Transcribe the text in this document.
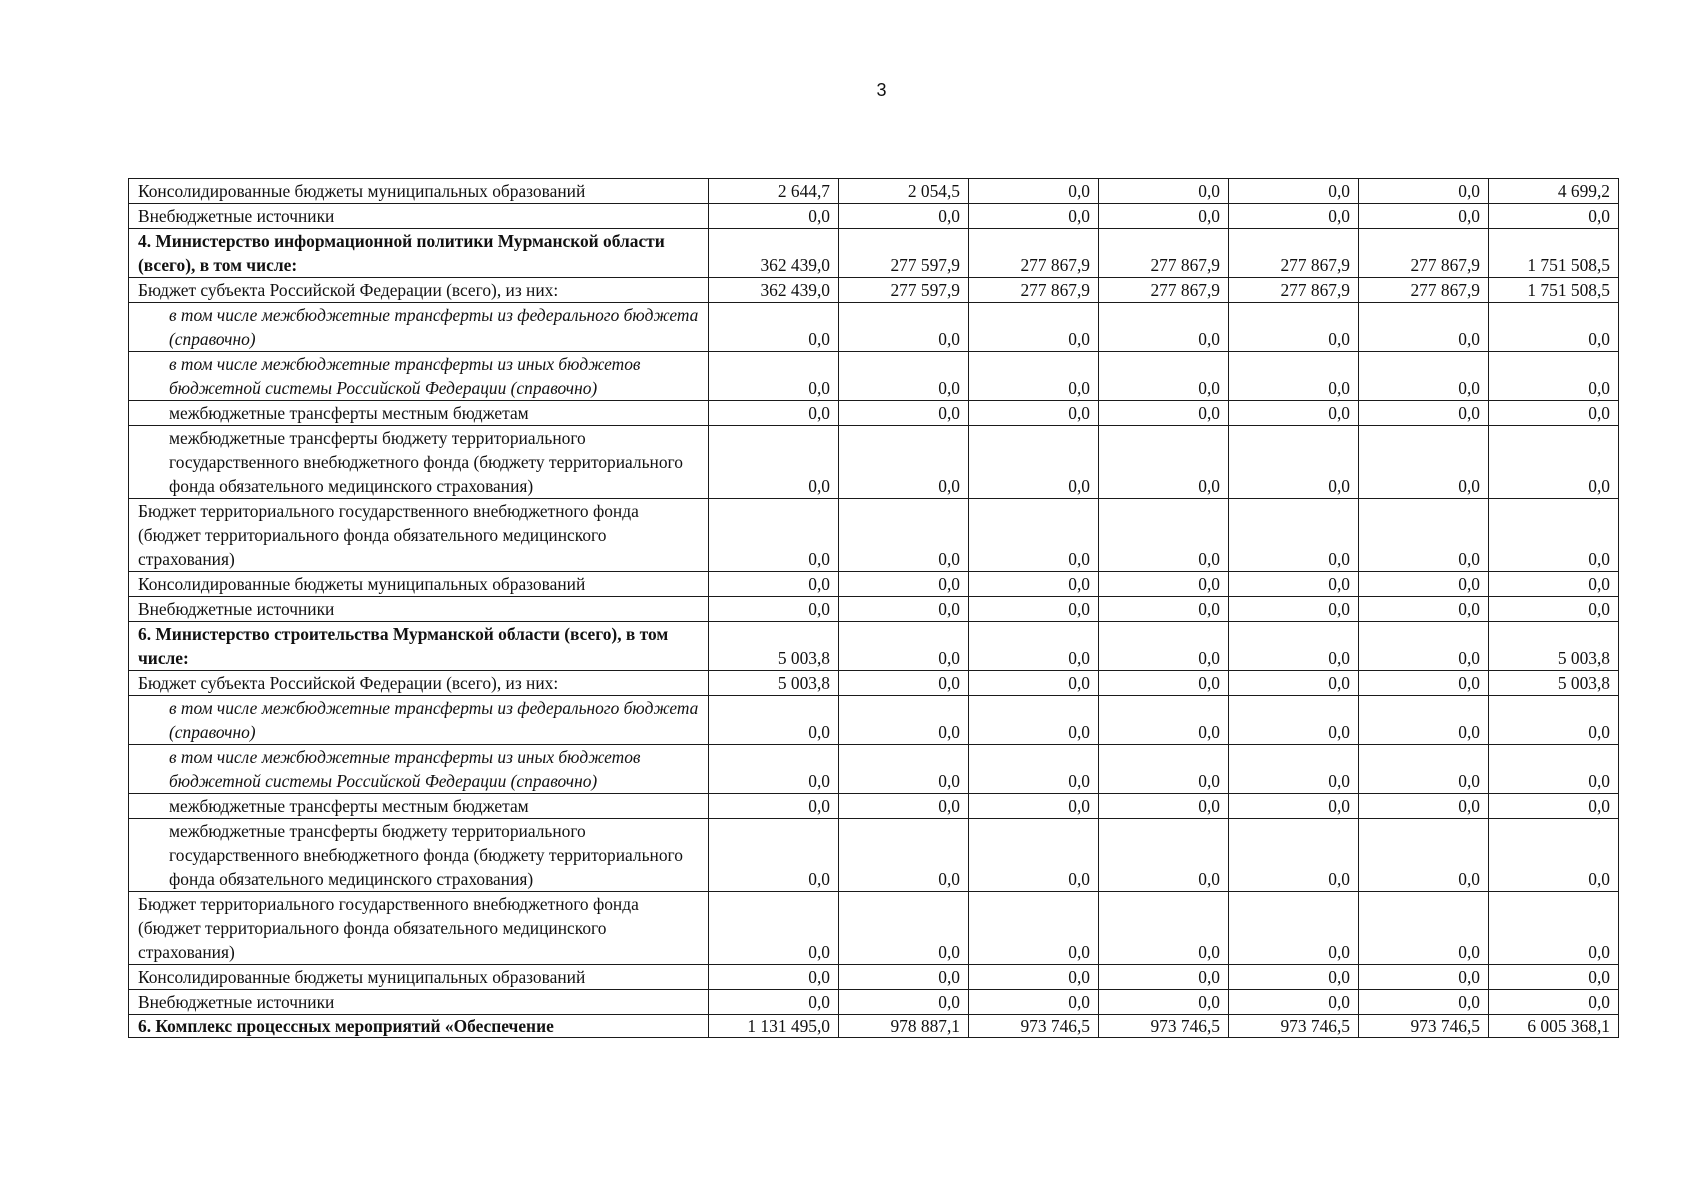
3
Консолидированные бюджеты муниципальных образований	2 644,7	2 054,5	0,0	0,0	0,0	0,0	4 699,2
Внебюджетные источники	0,0	0,0	0,0	0,0	0,0	0,0	0,0
4. Министерство информационной политики Мурманской области (всего), в том числе:	362 439,0	277 597,9	277 867,9	277 867,9	277 867,9	277 867,9	1 751 508,5
Бюджет субъекта Российской Федерации (всего), из них:	362 439,0	277 597,9	277 867,9	277 867,9	277 867,9	277 867,9	1 751 508,5
в том числе межбюджетные трансферты из федерального бюджета (справочно)	0,0	0,0	0,0	0,0	0,0	0,0	0,0
в том числе межбюджетные трансферты из иных бюджетов бюджетной системы Российской Федерации (справочно)	0,0	0,0	0,0	0,0	0,0	0,0	0,0
межбюджетные трансферты местным бюджетам	0,0	0,0	0,0	0,0	0,0	0,0	0,0
межбюджетные трансферты бюджету территориального государственного внебюджетного фонда (бюджету территориального фонда обязательного медицинского страхования)	0,0	0,0	0,0	0,0	0,0	0,0	0,0
Бюджет территориального государственного внебюджетного фонда (бюджет территориального фонда обязательного медицинского страхования)	0,0	0,0	0,0	0,0	0,0	0,0	0,0
Консолидированные бюджеты муниципальных образований	0,0	0,0	0,0	0,0	0,0	0,0	0,0
Внебюджетные источники	0,0	0,0	0,0	0,0	0,0	0,0	0,0
6. Министерство строительства Мурманской области (всего), в том числе:	5 003,8	0,0	0,0	0,0	0,0	0,0	5 003,8
Бюджет субъекта Российской Федерации (всего), из них:	5 003,8	0,0	0,0	0,0	0,0	0,0	5 003,8
в том числе межбюджетные трансферты из федерального бюджета (справочно)	0,0	0,0	0,0	0,0	0,0	0,0	0,0
в том числе межбюджетные трансферты из иных бюджетов бюджетной системы Российской Федерации (справочно)	0,0	0,0	0,0	0,0	0,0	0,0	0,0
межбюджетные трансферты местным бюджетам	0,0	0,0	0,0	0,0	0,0	0,0	0,0
межбюджетные трансферты бюджету территориального государственного внебюджетного фонда (бюджету территориального фонда обязательного медицинского страхования)	0,0	0,0	0,0	0,0	0,0	0,0	0,0
Бюджет территориального государственного внебюджетного фонда (бюджет территориального фонда обязательного медицинского страхования)	0,0	0,0	0,0	0,0	0,0	0,0	0,0
Консолидированные бюджеты муниципальных образований	0,0	0,0	0,0	0,0	0,0	0,0	0,0
Внебюджетные источники	0,0	0,0	0,0	0,0	0,0	0,0	0,0
6. Комплекс процессных мероприятий «Обеспечение	1 131 495,0	978 887,1	973 746,5	973 746,5	973 746,5	973 746,5	6 005 368,1
